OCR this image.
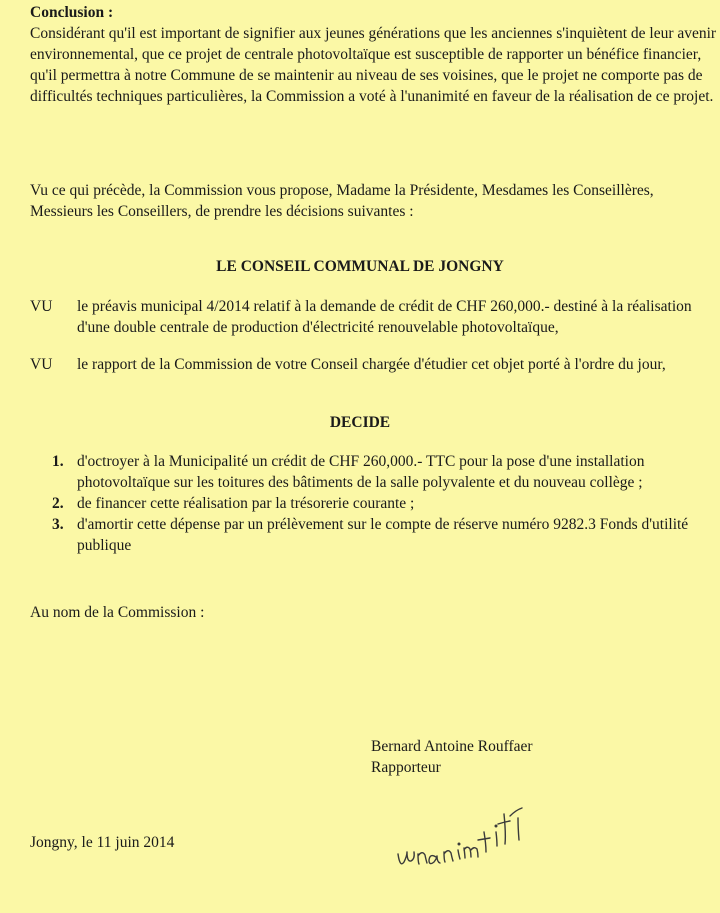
Conclusion :

Considérant qu'il est important de signifier aux jeunes générations que les anciennes s'inquiètent de leur avenir environnemental, que ce projet de centrale photovoltaïque est susceptible de rapporter un bénéfice financier, qu'il permettra à notre Commune de se maintenir au niveau de ses voisines, que le projet ne comporte pas de difficultés techniques particulières, la Commission a voté à l'unanimité en faveur de la réalisation de ce projet.

Vu ce qui précède, la Commission vous propose, Madame la Présidente, Mesdames les Conseillères, Messieurs les Conseillers, de prendre les décisions suivantes :

LE CONSEIL COMMUNAL DE JONGNY

VU le préavis municipal 4/2014 relatif à la demande de crédit de CHF 260,000.- destiné à la réalisation d'une double centrale de production d'électricité renouvelable photovoltaïque,
VU le rapport de la Commission de votre Conseil chargée d'étudier cet objet porté à l'ordre du jour,

DECIDE

1. d'octroyer à la Municipalité un crédit de CHF 260,000.- TTC pour la pose d'une installation photovoltaïque sur les toitures des bâtiments de la salle polyvalente et du nouveau collège ;
2. de financer cette réalisation par la trésorerie courante ;
3. d'amortir cette dépense par un prélèvement sur le compte de réserve numéro 9282.3 Fonds d'utilité publique

Au nom de la Commission :

Bernard Antoine Rouffaer
Rapporteur

Jongny, le 11 juin 2014
